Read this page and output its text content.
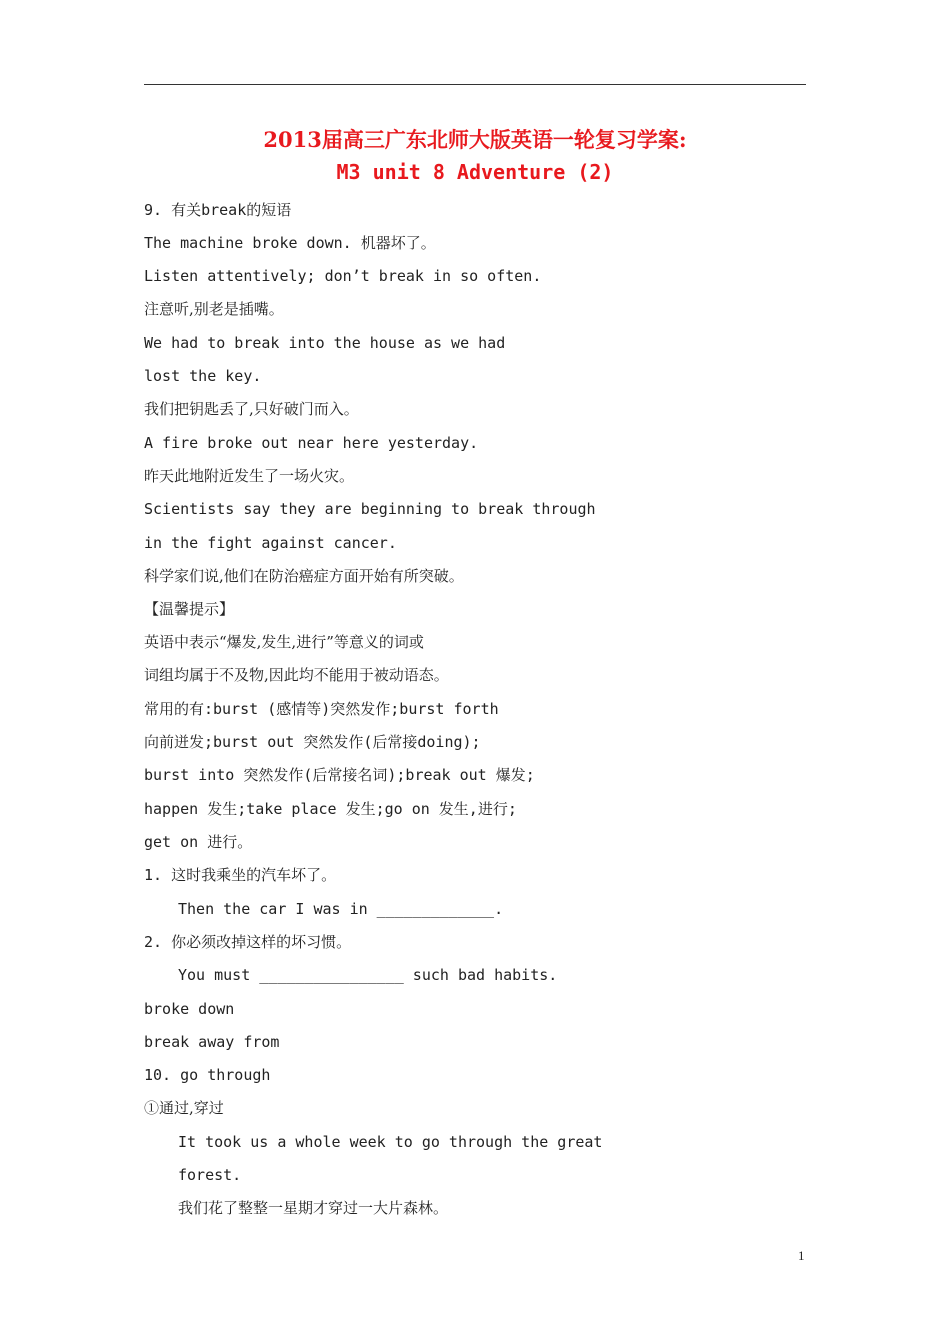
2013届高三广东北师大版英语一轮复习学案:
M3 unit 8 Adventure (2)
9. 有关break的短语
The machine broke down. 机器坏了。
Listen attentively; don’t break in so often.
注意听,别老是插嘴。
We had to break into the house as we had
lost the key.
我们把钥匙丢了,只好破门而入。
A fire broke out near here yesterday.
昨天此地附近发生了一场火灾。
Scientists say they are beginning to break through
in the fight against cancer.
科学家们说,他们在防治癌症方面开始有所突破。
【温馨提示】
英语中表示“爆发,发生,进行”等意义的词或
词组均属于不及物,因此均不能用于被动语态。
常用的有:burst (感情等)突然发作;burst forth
向前迸发;burst out 突然发作(后常接doing);
burst into 突然发作(后常接名词);break out 爆发;
happen 发生;take place 发生;go on 发生,进行;
get on 进行。
1. 这时我乘坐的汽车坏了。
Then the car I was in _____________.
2. 你必须改掉这样的坏习惯。
You must ________________ such bad habits.
broke down
break away from
10. go through
①通过,穿过
It took us a whole week to go through the great
forest.
我们花了整整一星期才穿过一大片森林。
1
